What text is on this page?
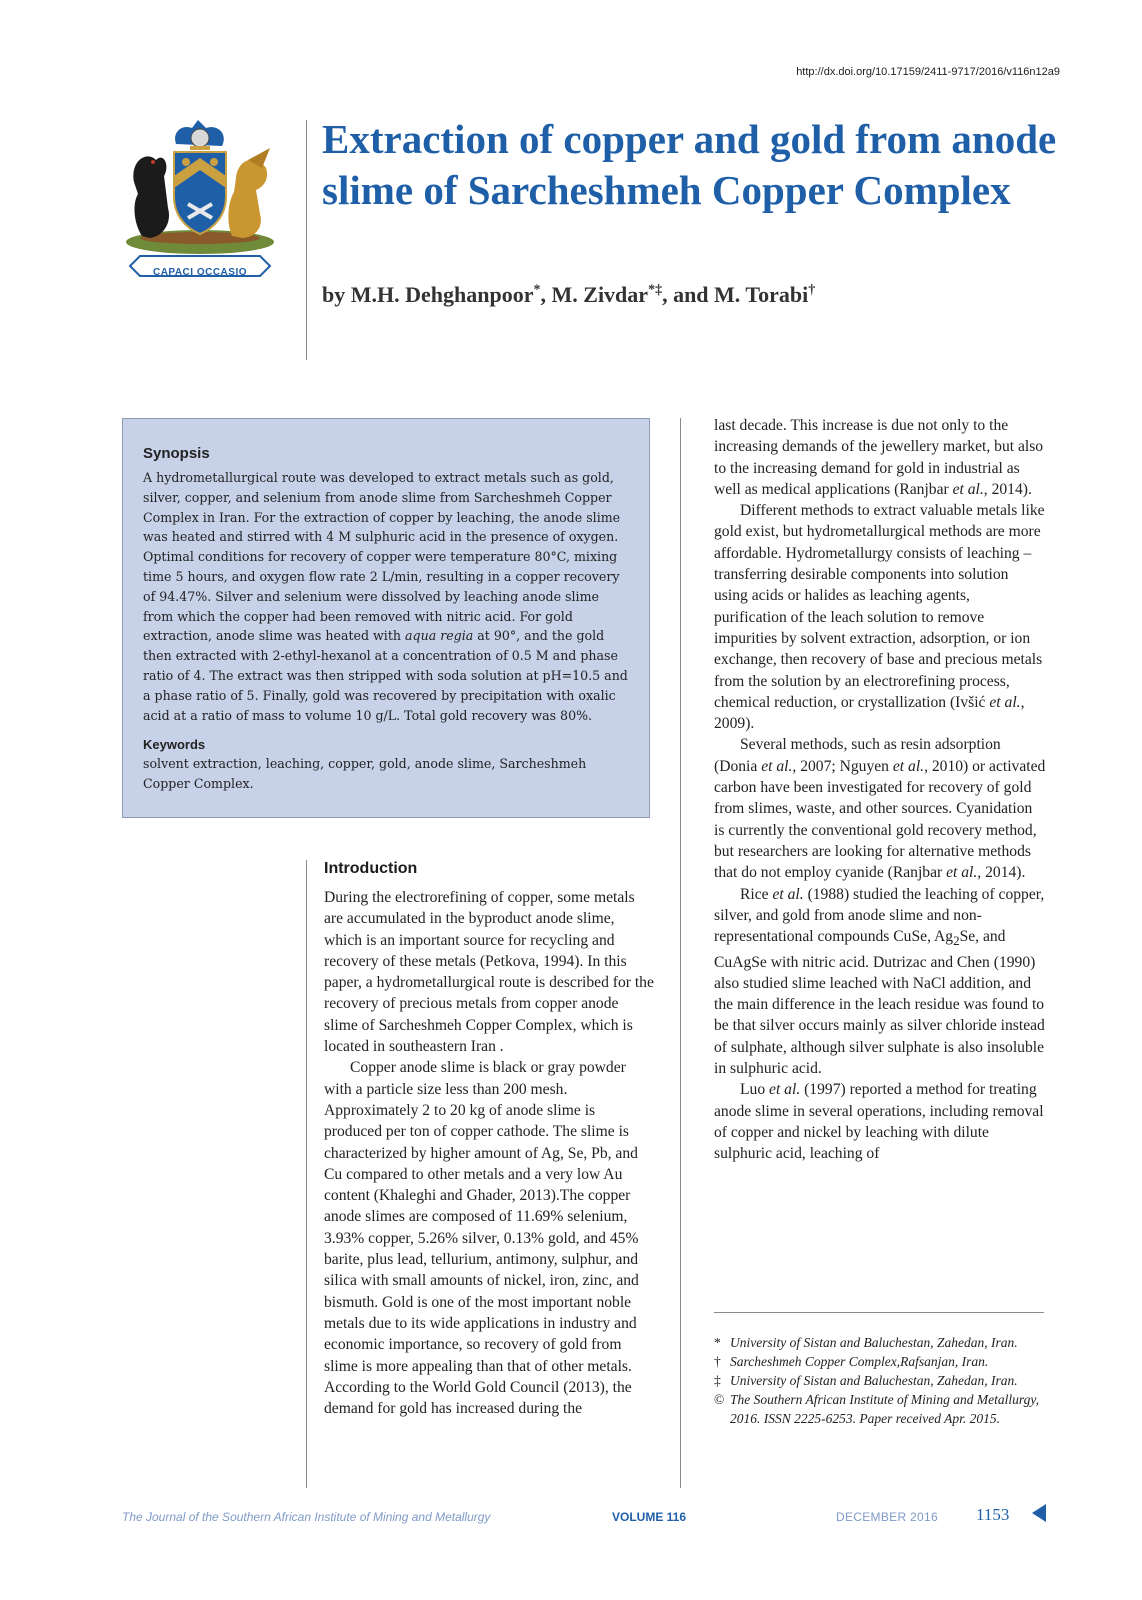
http://dx.doi.org/10.17159/2411-9717/2016/v116n12a9
CAPACI OCCASIO
Extraction of copper and gold from anode slime of Sarcheshmeh Copper Complex

by M.H. Dehghanpoor*, M. Zivdar*‡, and M. Torabi†

Synopsis

A hydrometallurgical route was developed to extract metals such as gold, silver, copper, and selenium from anode slime from Sarcheshmeh Copper Complex in Iran. For the extraction of copper by leaching, the anode slime was heated and stirred with 4 M sulphuric acid in the presence of oxygen. Optimal conditions for recovery of copper were temperature 80°C, mixing time 5 hours, and oxygen flow rate 2 L/min, resulting in a copper recovery of 94.47%. Silver and selenium were dissolved by leaching anode slime from which the copper had been removed with nitric acid. For gold extraction, anode slime was heated with aqua regia at 90°, and the gold then extracted with 2-ethyl-hexanol at a concentration of 0.5 M and phase ratio of 4. The extract was then stripped with soda solution at pH=10.5 and a phase ratio of 5. Finally, gold was recovered by precipitation with oxalic acid at a ratio of mass to volume 10 g/L. Total gold recovery was 80%.

Keywords

solvent extraction, leaching, copper, gold, anode slime, Sarcheshmeh Copper Complex.

Introduction

During the electrorefining of copper, some metals are accumulated in the byproduct anode slime, which is an important source for recycling and recovery of these metals (Petkova, 1994). In this paper, a hydrometallurgical route is described for the recovery of precious metals from copper anode slime of Sarcheshmeh Copper Complex, which is located in southeastern Iran .

Copper anode slime is black or gray powder with a particle size less than 200 mesh. Approximately 2 to 20 kg of anode slime is produced per ton of copper cathode. The slime is characterized by higher amount of Ag, Se, Pb, and Cu compared to other metals and a very low Au content (Khaleghi and Ghader, 2013).The copper anode slimes are composed of 11.69% selenium, 3.93% copper, 5.26% silver, 0.13% gold, and 45% barite, plus lead, tellurium, antimony, sulphur, and silica with small amounts of nickel, iron, zinc, and bismuth. Gold is one of the most important noble metals due to its wide applications in industry and economic importance, so recovery of gold from slime is more appealing than that of other metals. According to the World Gold Council (2013), the demand for gold has increased during the

last decade. This increase is due not only to the increasing demands of the jewellery market, but also to the increasing demand for gold in industrial as well as medical applications (Ranjbar et al., 2014).

Different methods to extract valuable metals like gold exist, but hydrometallurgical methods are more affordable. Hydrometallurgy consists of leaching – transferring desirable components into solution using acids or halides as leaching agents, purification of the leach solution to remove impurities by solvent extraction, adsorption, or ion exchange, then recovery of base and precious metals from the solution by an electrorefining process, chemical reduction, or crystallization (Ivšić et al., 2009).

Several methods, such as resin adsorption (Donia et al., 2007; Nguyen et al., 2010) or activated carbon have been investigated for recovery of gold from slimes, waste, and other sources. Cyanidation is currently the conventional gold recovery method, but researchers are looking for alternative methods that do not employ cyanide (Ranjbar et al., 2014).

Rice et al. (1988) studied the leaching of copper, silver, and gold from anode slime and non-representational compounds CuSe, $Ag_2Se$, and CuAgSe with nitric acid. Dutrizac and Chen (1990) also studied slime leached with NaCl addition, and the main difference in the leach residue was found to be that silver occurs mainly as silver chloride instead of sulphate, although silver sulphate is also insoluble in sulphuric acid.

Luo et al. (1997) reported a method for treating anode slime in several operations, including removal of copper and nickel by leaching with dilute sulphuric acid, leaching of

* University of Sistan and Baluchestan, Zahedan, Iran.

† Sarcheshmeh Copper Complex,Rafsanjan, Iran.

‡ University of Sistan and Baluchestan, Zahedan, Iran.

© The Southern African Institute of Mining and Metallurgy, 2016. ISSN 2225-6253. Paper received Apr. 2015.

The Journal of the Southern African Institute of Mining and Metallurgy	VOLUME 116	DECEMBER 2016 1153
